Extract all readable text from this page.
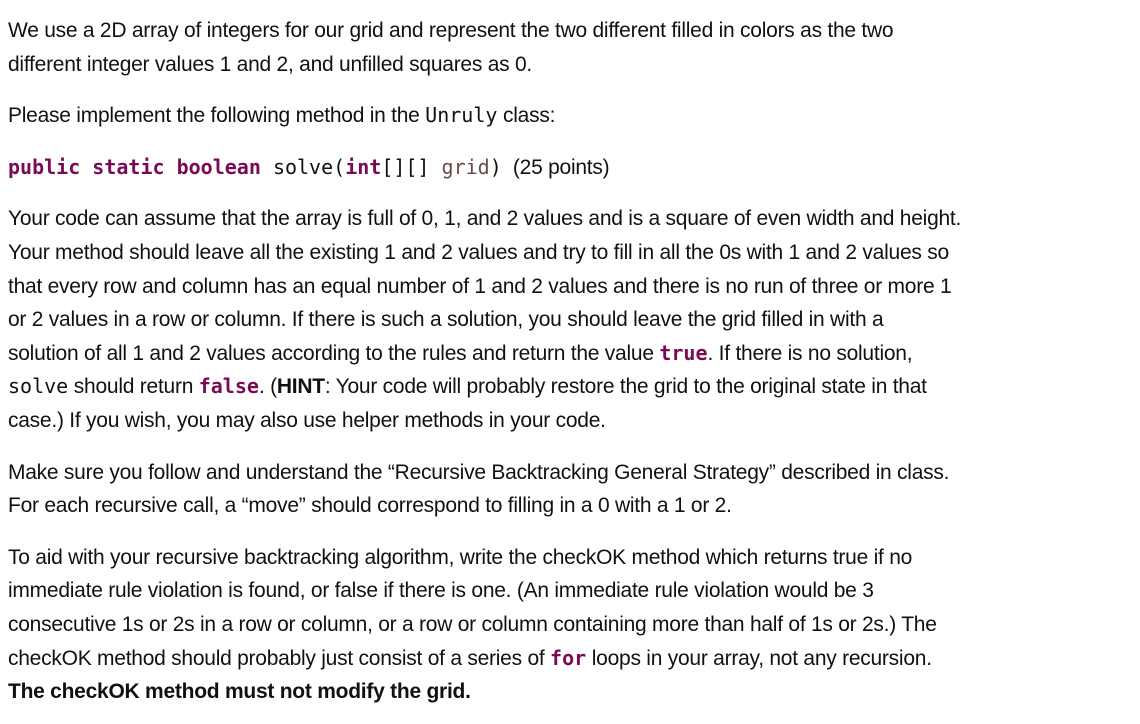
We use a 2D array of integers for our grid and represent the two different filled in colors as the two
different integer values 1 and 2, and unfilled squares as 0.

Please implement the following method in the Unruly class:

public static boolean solve(int[][] grid) (25 points)

Your code can assume that the array is full of 0, 1, and 2 values and is a square of even width and height.
Your method should leave all the existing 1 and 2 values and try to fill in all the 0s with 1 and 2 values so
that every row and column has an equal number of 1 and 2 values and there is no run of three or more 1
or 2 values in a row or column. If there is such a solution, you should leave the grid filled in with a
solution of all 1 and 2 values according to the rules and return the value true. If there is no solution,
solve should return false. (HINT: Your code will probably restore the grid to the original state in that
case.) If you wish, you may also use helper methods in your code.

Make sure you follow and understand the “Recursive Backtracking General Strategy” described in class.
For each recursive call, a “move” should correspond to filling in a 0 with a 1 or 2.

To aid with your recursive backtracking algorithm, write the checkOK method which returns true if no
immediate rule violation is found, or false if there is one. (An immediate rule violation would be 3
consecutive 1s or 2s in a row or column, or a row or column containing more than half of 1s or 2s.) The
checkOK method should probably just consist of a series of for loops in your array, not any recursion.
The checkOK method must not modify the grid.
